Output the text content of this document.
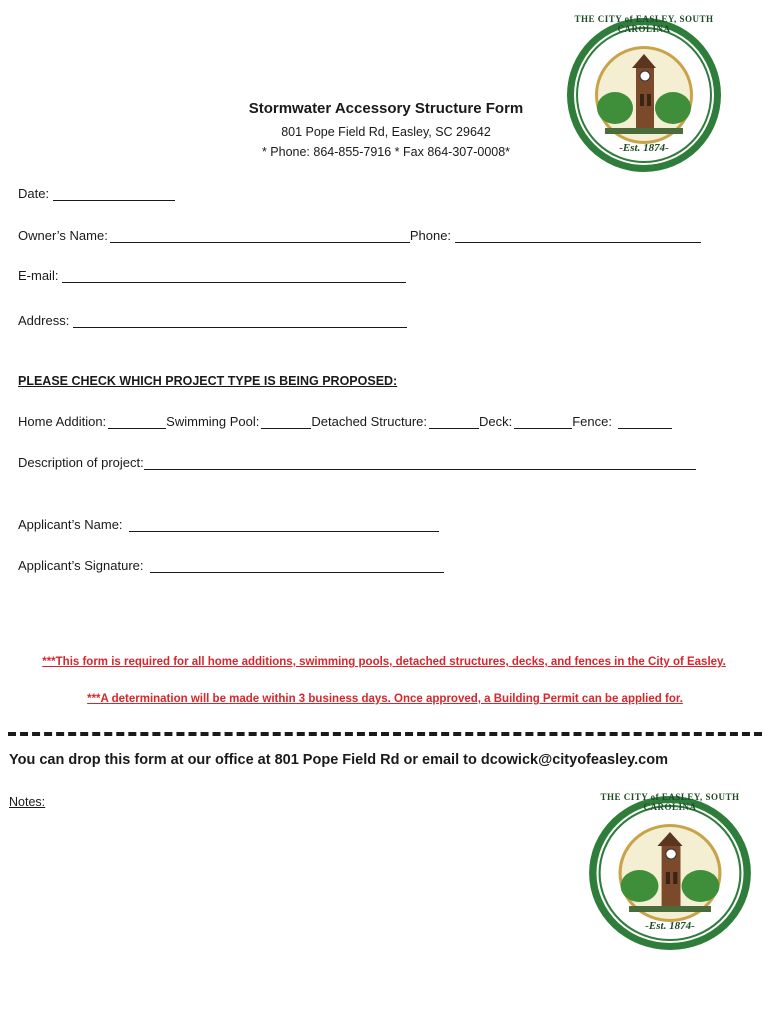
THE CITY of EASLEY, SOUTH CAROLINA
-Est. 1874-
Stormwater Accessory Structure Form
801 Pope Field Rd, Easley, SC 29642
* Phone: 864-855-7916 * Fax 864-307-0008*
Date:
Owner’s Name:	Phone:
E-mail:
Address:
PLEASE CHECK WHICH PROJECT TYPE IS BEING PROPOSED:
Home Addition:	Swimming Pool:	Detached Structure:	Deck:	Fence:
Description of project:
Applicant’s Name:
Applicant’s Signature:
***This form is required for all home additions, swimming pools, detached structures, decks, and fences in the City of Easley.
***A determination will be made within 3 business days. Once approved, a Building Permit can be applied for.
You can drop this form at our office at 801 Pope Field Rd or email to dcowick@cityofeasley.com
Notes:	THE CITY of EASLEY, SOUTH CAROLINA
-Est. 1874-
